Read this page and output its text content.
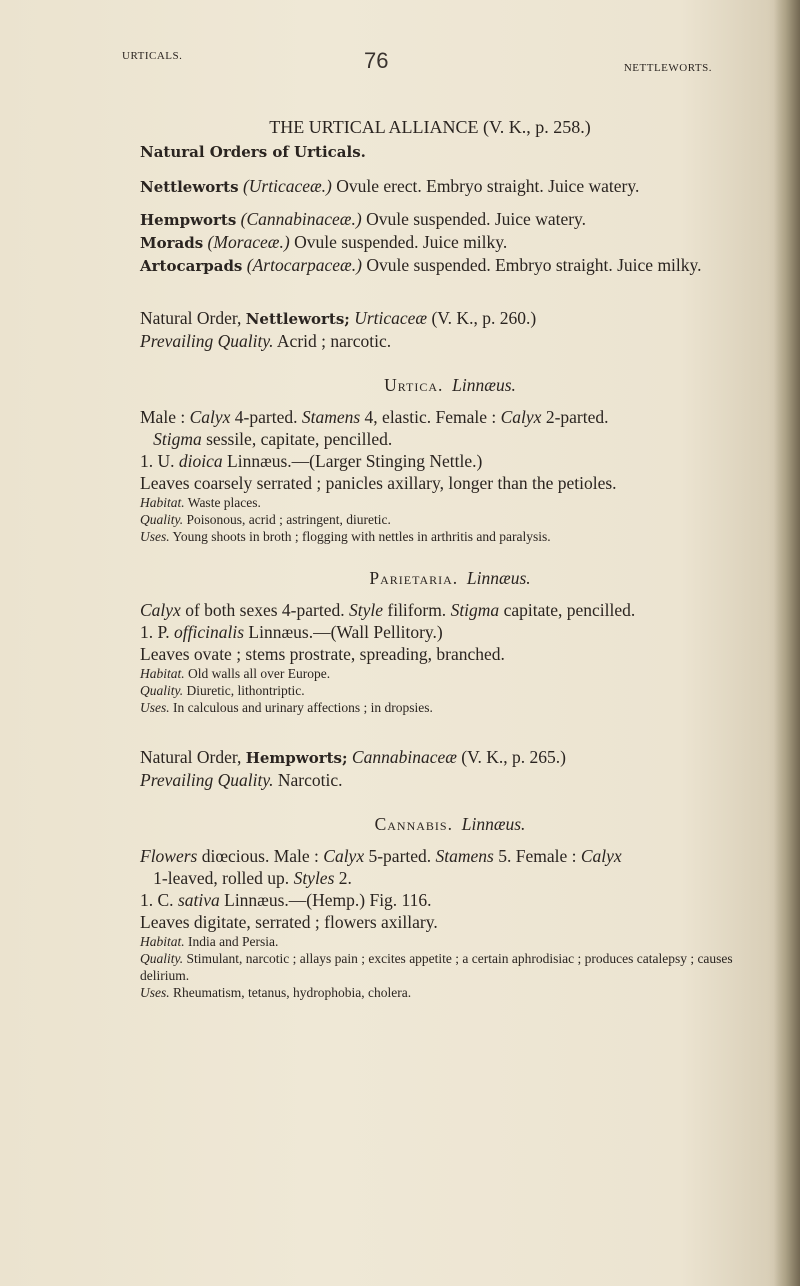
URTICALS.	76	NETTLEWORTS.

THE URTICAL ALLIANCE (V. K., p. 258.)

Natural Orders of Urticals.

Nettleworts (Urticaceæ.) Ovule erect. Embryo straight. Juice watery.

Hempworts (Cannabinaceæ.) Ovule suspended. Juice watery.

Morads (Moraceæ.) Ovule suspended. Juice milky.

Artocarpads (Artocarpaceæ.) Ovule suspended. Embryo straight. Juice milky.

Natural Order, Nettleworts; Urticaceæ (V. K., p. 260.)

Prevailing Quality. Acrid ; narcotic.

Urtica. Linnæus.

Male : Calyx 4-parted. Stamens 4, elastic. Female : Calyx 2-parted.
Stigma sessile, capitate, pencilled.

1. U. dioica Linnæus.—(Larger Stinging Nettle.)

Leaves coarsely serrated ; panicles axillary, longer than the petioles.

Habitat. Waste places.

Quality. Poisonous, acrid ; astringent, diuretic.

Uses. Young shoots in broth ; flogging with nettles in arthritis and paralysis.

Parietaria. Linnæus.

Calyx of both sexes 4-parted. Style filiform. Stigma capitate, pencilled.

1. P. officinalis Linnæus.—(Wall Pellitory.)

Leaves ovate ; stems prostrate, spreading, branched.

Habitat. Old walls all over Europe.

Quality. Diuretic, lithontriptic.

Uses. In calculous and urinary affections ; in dropsies.

Natural Order, Hempworts; Cannabinaceæ (V. K., p. 265.)

Prevailing Quality. Narcotic.

Cannabis. Linnæus.

Flowers diœcious. Male : Calyx 5-parted. Stamens 5. Female : Calyx
1-leaved, rolled up. Styles 2.

1. C. sativa Linnæus.—(Hemp.) Fig. 116.

Leaves digitate, serrated ; flowers axillary.

Habitat. India and Persia.

Quality. Stimulant, narcotic ; allays pain ; excites appetite ; a certain aphrodisiac ; produces catalepsy ; causes delirium.

Uses. Rheumatism, tetanus, hydrophobia, cholera.
